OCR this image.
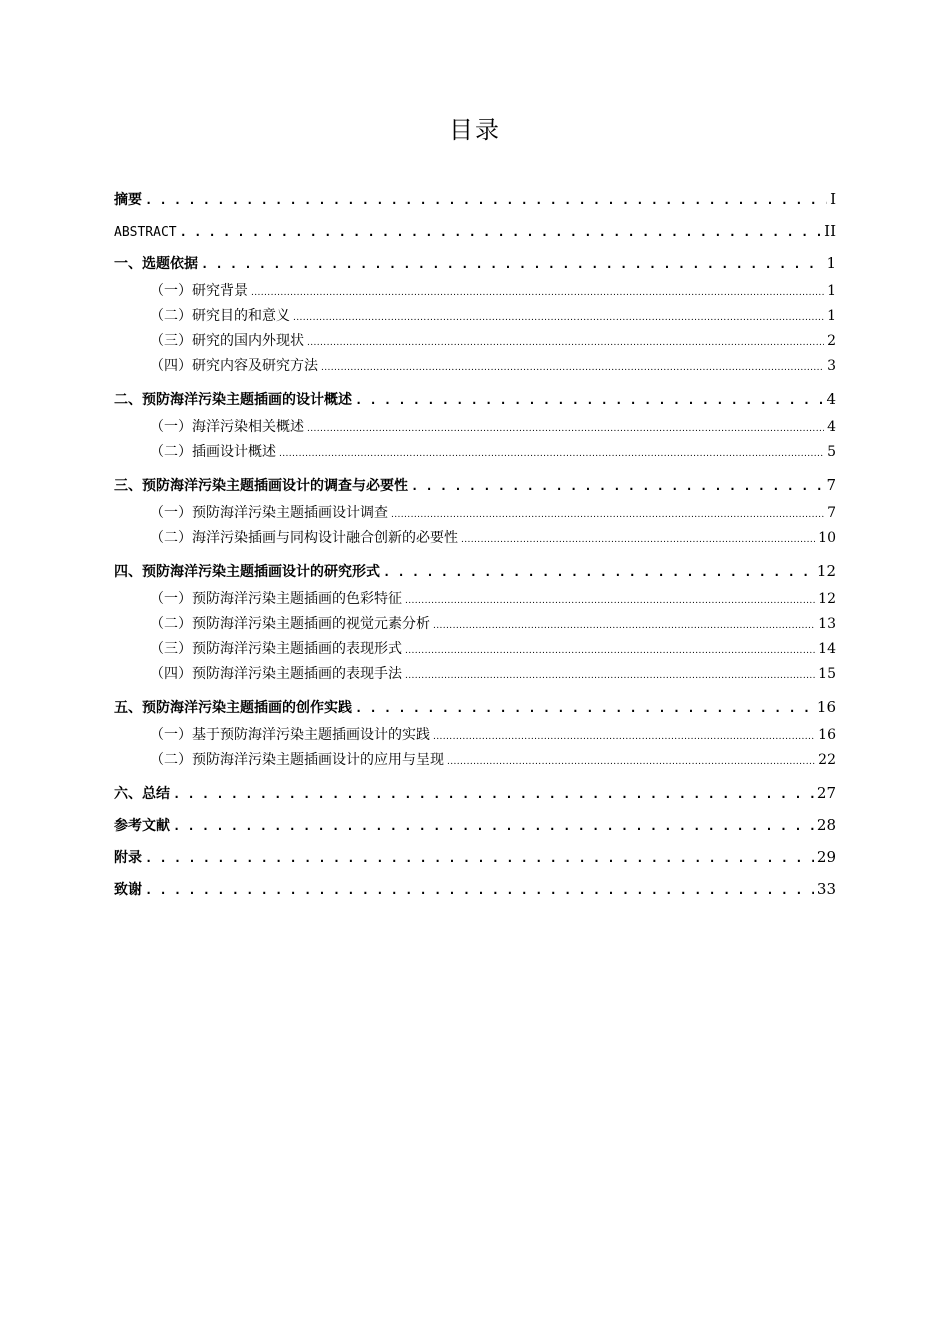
目录
摘要 . . .	I
ABSTRACT . . .	II
一、选题依据 . . .	1
（一）研究背景 .....	1
（二）研究目的和意义 .....	1
（三）研究的国内外现状 .....	2
（四）研究内容及研究方法 .....	3
二、预防海洋污染主题插画的设计概述 . . .	4
（一）海洋污染相关概述 .....	4
（二）插画设计概述 .....	5
三、预防海洋污染主题插画设计的调查与必要性 . . .	7
（一）预防海洋污染主题插画设计调查 .....	7
（二）海洋污染插画与同构设计融合创新的必要性 .....	10
四、预防海洋污染主题插画设计的研究形式 . . .	12
（一）预防海洋污染主题插画的色彩特征 .....	12
（二）预防海洋污染主题插画的视觉元素分析 .....	13
（三）预防海洋污染主题插画的表现形式 .....	14
（四）预防海洋污染主题插画的表现手法 .....	15
五、预防海洋污染主题插画的创作实践 . . .	16
（一）基于预防海洋污染主题插画设计的实践 .....	16
（二）预防海洋污染主题插画设计的应用与呈现 .....	22
六、总结 . . .	27
参考文献 . . .	28
附录 . . .	29
致谢 . . .	33
